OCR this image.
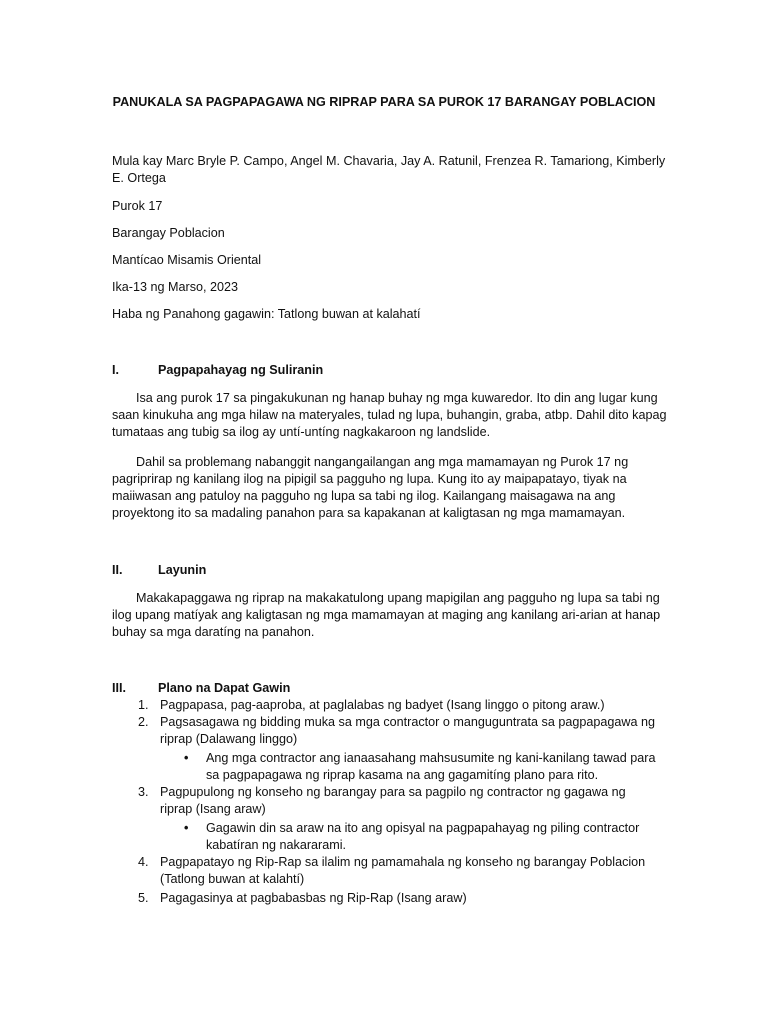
PANUKALA SA PAGPAPAGAWA NG RIPRAP PARA SA PUROK 17 BARANGAY POBLACION
Mula kay Marc Bryle P. Campo, Angel M. Chavaria, Jay A. Ratunil, Frenzea R. Tamariong, Kimberly E. Ortega
Purok 17
Barangay Poblacion
Mantícao Misamis Oriental
Ika-13 ng Marso, 2023
Haba ng Panahong gagawin: Tatlong buwan at kalahatí
I.	Pagpapahayag ng Suliranin
Isa ang purok 17 sa pingakukunan ng hanap buhay ng mga kuwaredor. Ito din ang lugar kung saan kinukuha ang mga hilaw na materyales, tulad ng lupa, buhangin, graba, atbp. Dahil dito kapag tumataas ang tubig sa ilog ay untí-untíng nagkakaroon ng landslide.
Dahil sa problemang nabanggit nangangailangan ang mga mamamayan ng Purok 17 ng pagriprirap ng kanilang ilog na pipigil sa pagguho ng lupa. Kung ito ay maipapatayo, tiyak na maiiwasan ang patuloy na pagguho ng lupa sa tabi ng ilog. Kailangang maisagawa na ang proyektong ito sa madaling panahon para sa kapakanan at kaligtasan ng mga mamamayan.
II.	Layunin
Makakapaggawa ng riprap na makakatulong upang mapigilan ang pagguho ng lupa sa tabi ng ilog upang matíyak ang kaligtasan ng mga mamamayan at maging ang kanilang ari-arian at hanap buhay sa mga daratíng na panahon.
III.	Plano na Dapat Gawin
1. Pagpapasa, pag-aaproba, at paglalabas ng badyet (Isang linggo o pitong araw.)
2. Pagsasagawa ng bidding muka sa mga contractor o manguguntrata sa pagpapagawa ng riprap (Dalawang linggo)
• Ang mga contractor ang ianaasahang mahsusumite ng kani-kanilang tawad para sa pagpapagawa ng riprap kasama na ang gagamitíng plano para rito.
3. Pagpupulong ng konseho ng barangay para sa pagpilo ng contractor ng gagawa ng riprap (Isang araw)
• Gagawin din sa araw na ito ang opisyal na pagpapahayag ng piling contractor kabatíran ng nakararami.
4. Pagpapatayo ng Rip-Rap sa ilalim ng pamamahala ng konseho ng barangay Poblacion (Tatlong buwan at kalahtí)
5. Pagagasinya at pagbabasbas ng Rip-Rap (Isang araw)
